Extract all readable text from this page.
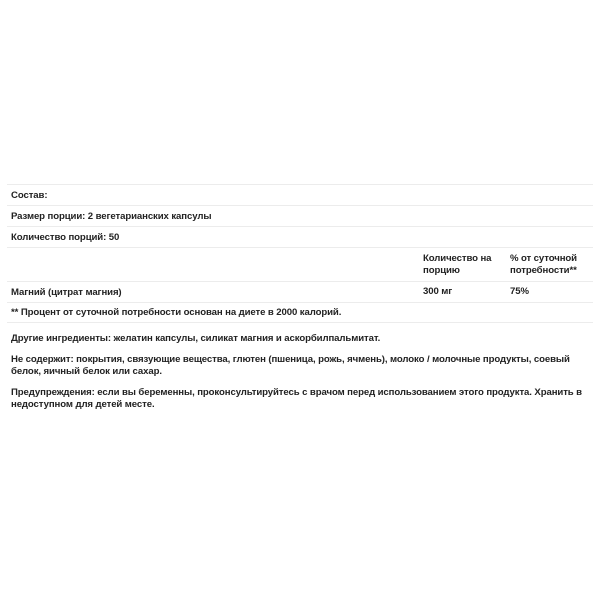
Состав:
Размер порции: 2 вегетарианских капсулы
Количество порций: 50
Количество на порцию
% от суточной потребности**
Магний (цитрат магния)	300 мг	75%
** Процент от суточной потребности основан на диете в 2000 калорий.

Другие ингредиенты: желатин капсулы, силикат магния и аскорбилпальмитат.

Не содержит: покрытия, связующие вещества, глютен (пшеница, рожь, ячмень), молоко / молочные продукты, соевый белок, яичный белок или сахар.

Предупреждения: если вы беременны, проконсультируйтесь с врачом перед использованием этого продукта. Хранить в недоступном для детей месте.
